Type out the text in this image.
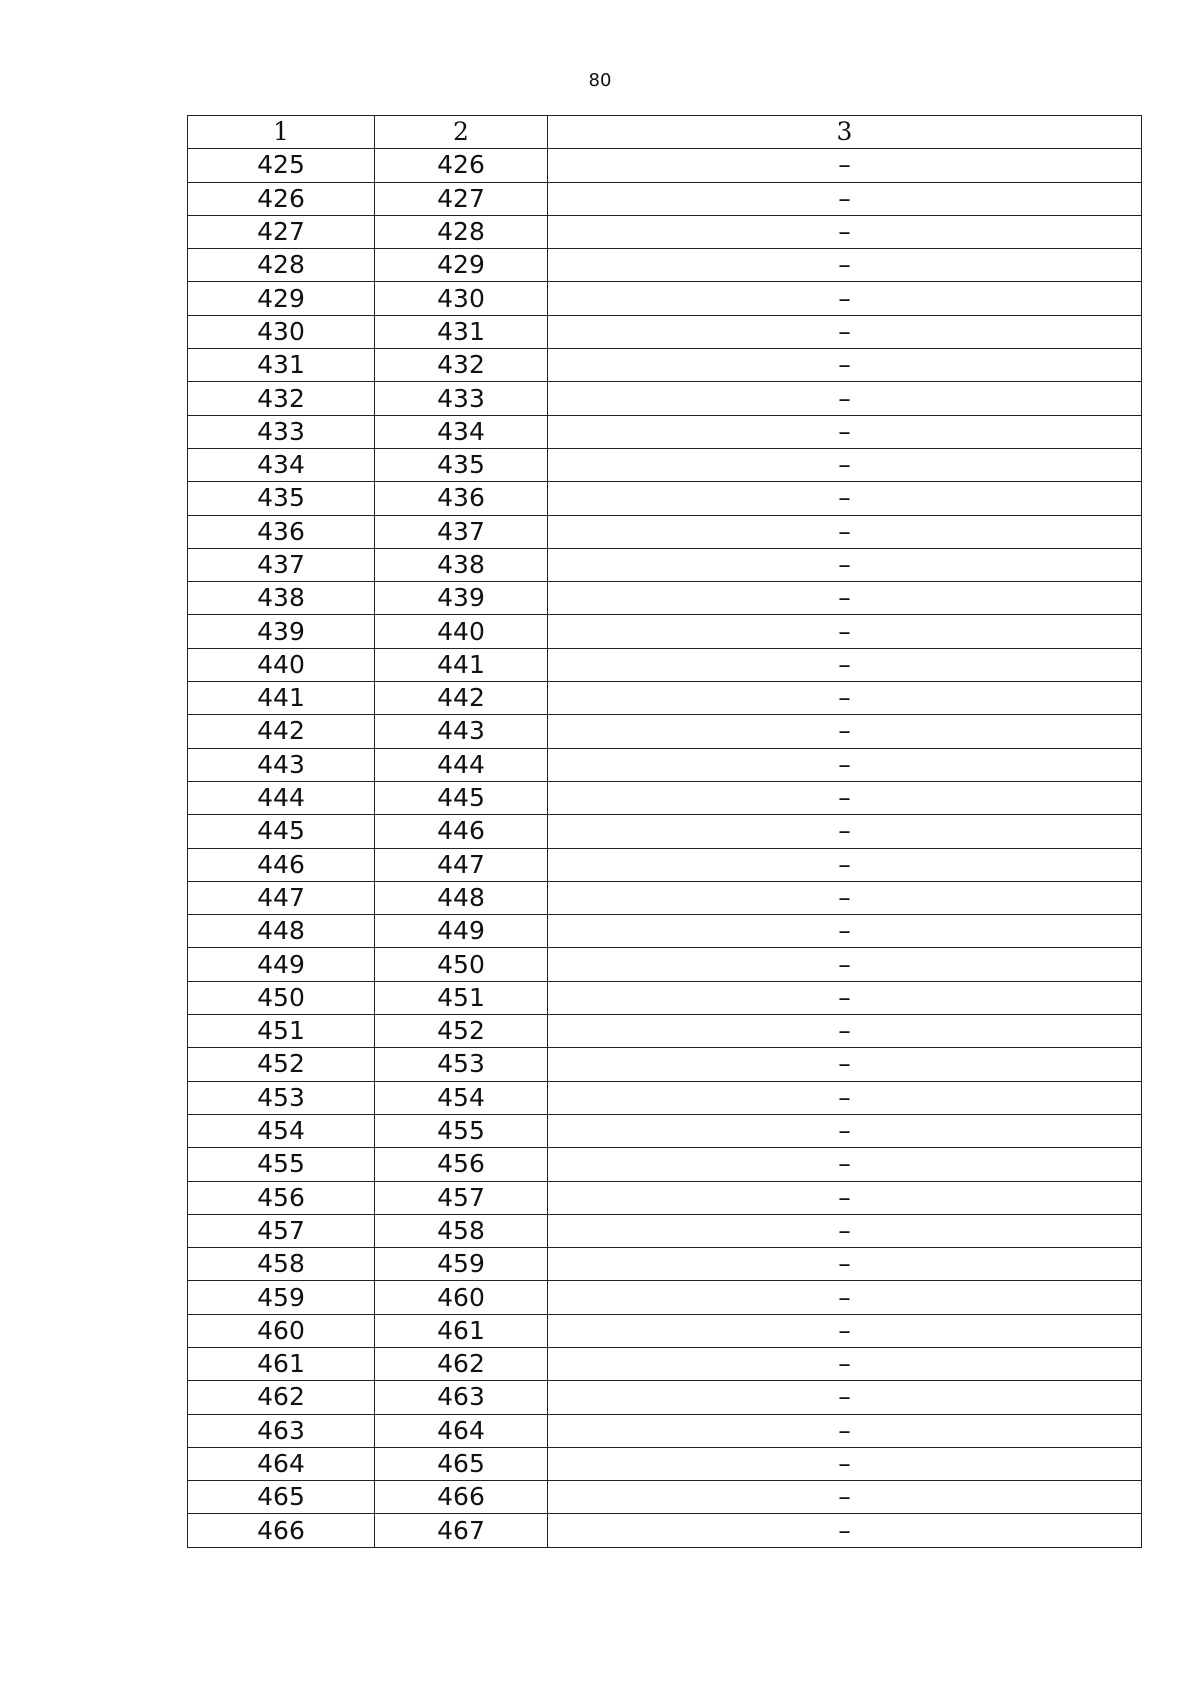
80
1	2	3
425	426	–
426	427	–
427	428	–
428	429	–
429	430	–
430	431	–
431	432	–
432	433	–
433	434	–
434	435	–
435	436	–
436	437	–
437	438	–
438	439	–
439	440	–
440	441	–
441	442	–
442	443	–
443	444	–
444	445	–
445	446	–
446	447	–
447	448	–
448	449	–
449	450	–
450	451	–
451	452	–
452	453	–
453	454	–
454	455	–
455	456	–
456	457	–
457	458	–
458	459	–
459	460	–
460	461	–
461	462	–
462	463	–
463	464	–
464	465	–
465	466	–
466	467	–
